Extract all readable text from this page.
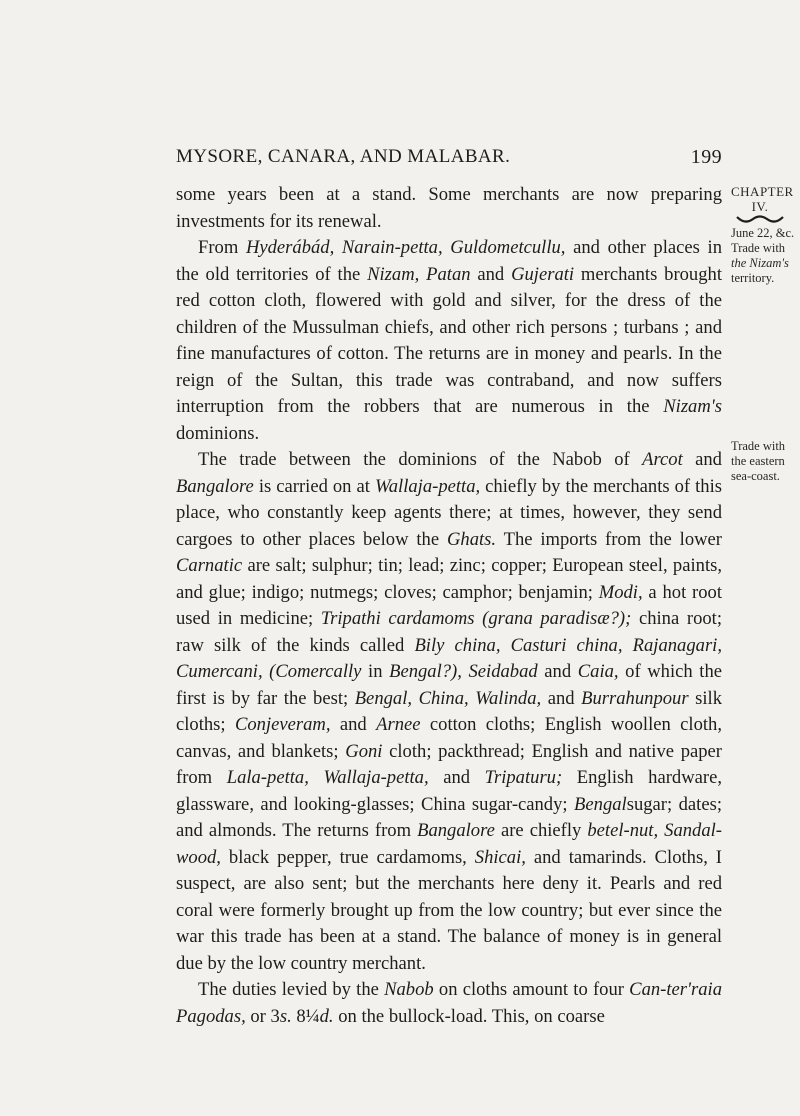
MYSORE, CANARA, AND MALABAR.	199
CHAPTER
IV.
June 22, &c.
Trade with
the Nizam's
territory.
Trade with
the eastern
sea-coast.

some years been at a stand. Some merchants are now preparing investments for its renewal.

From Hyderábád, Narain-petta, Guldometcullu, and other places in the old territories of the Nizam, Patan and Gujerati merchants brought red cotton cloth, flowered with gold and silver, for the dress of the children of the Mussulman chiefs, and other rich persons ; turbans ; and fine manufactures of cotton. The returns are in money and pearls. In the reign of the Sultan, this trade was contraband, and now suffers interruption from the robbers that are numerous in the Nizam's dominions.

The trade between the dominions of the Nabob of Arcot and Bangalore is carried on at Wallaja-petta, chiefly by the merchants of this place, who constantly keep agents there; at times, however, they send cargoes to other places below the Ghats. The imports from the lower Carnatic are salt; sulphur; tin; lead; zinc; copper; European steel, paints, and glue; indigo; nutmegs; cloves; camphor; benjamin; Modi, a hot root used in medicine; Tripathi cardamoms (grana paradisæ?); china root; raw silk of the kinds called Bily china, Casturi china, Rajanagari, Cumercani, (Comercally in Bengal?), Seidabad and Caia, of which the first is by far the best; Bengal, China, Walinda, and Burrahunpour silk cloths; Conjeveram, and Arnee cotton cloths; English woollen cloth, canvas, and blankets; Goni cloth; packthread; English and native paper from Lala-petta, Wallaja-petta, and Tripaturu; English hardware, glassware, and looking-glasses; China sugar-candy; Bengalsugar; dates; and almonds. The returns from Bangalore are chiefly betel-nut, Sandal-wood, black pepper, true cardamoms, Shicai, and tamarinds. Cloths, I suspect, are also sent; but the merchants here deny it. Pearls and red coral were formerly brought up from the low country; but ever since the war this trade has been at a stand. The balance of money is in general due by the low country merchant.

The duties levied by the Nabob on cloths amount to four Can-ter'raia Pagodas, or 3s. 8¼d. on the bullock-load. This, on coarse
